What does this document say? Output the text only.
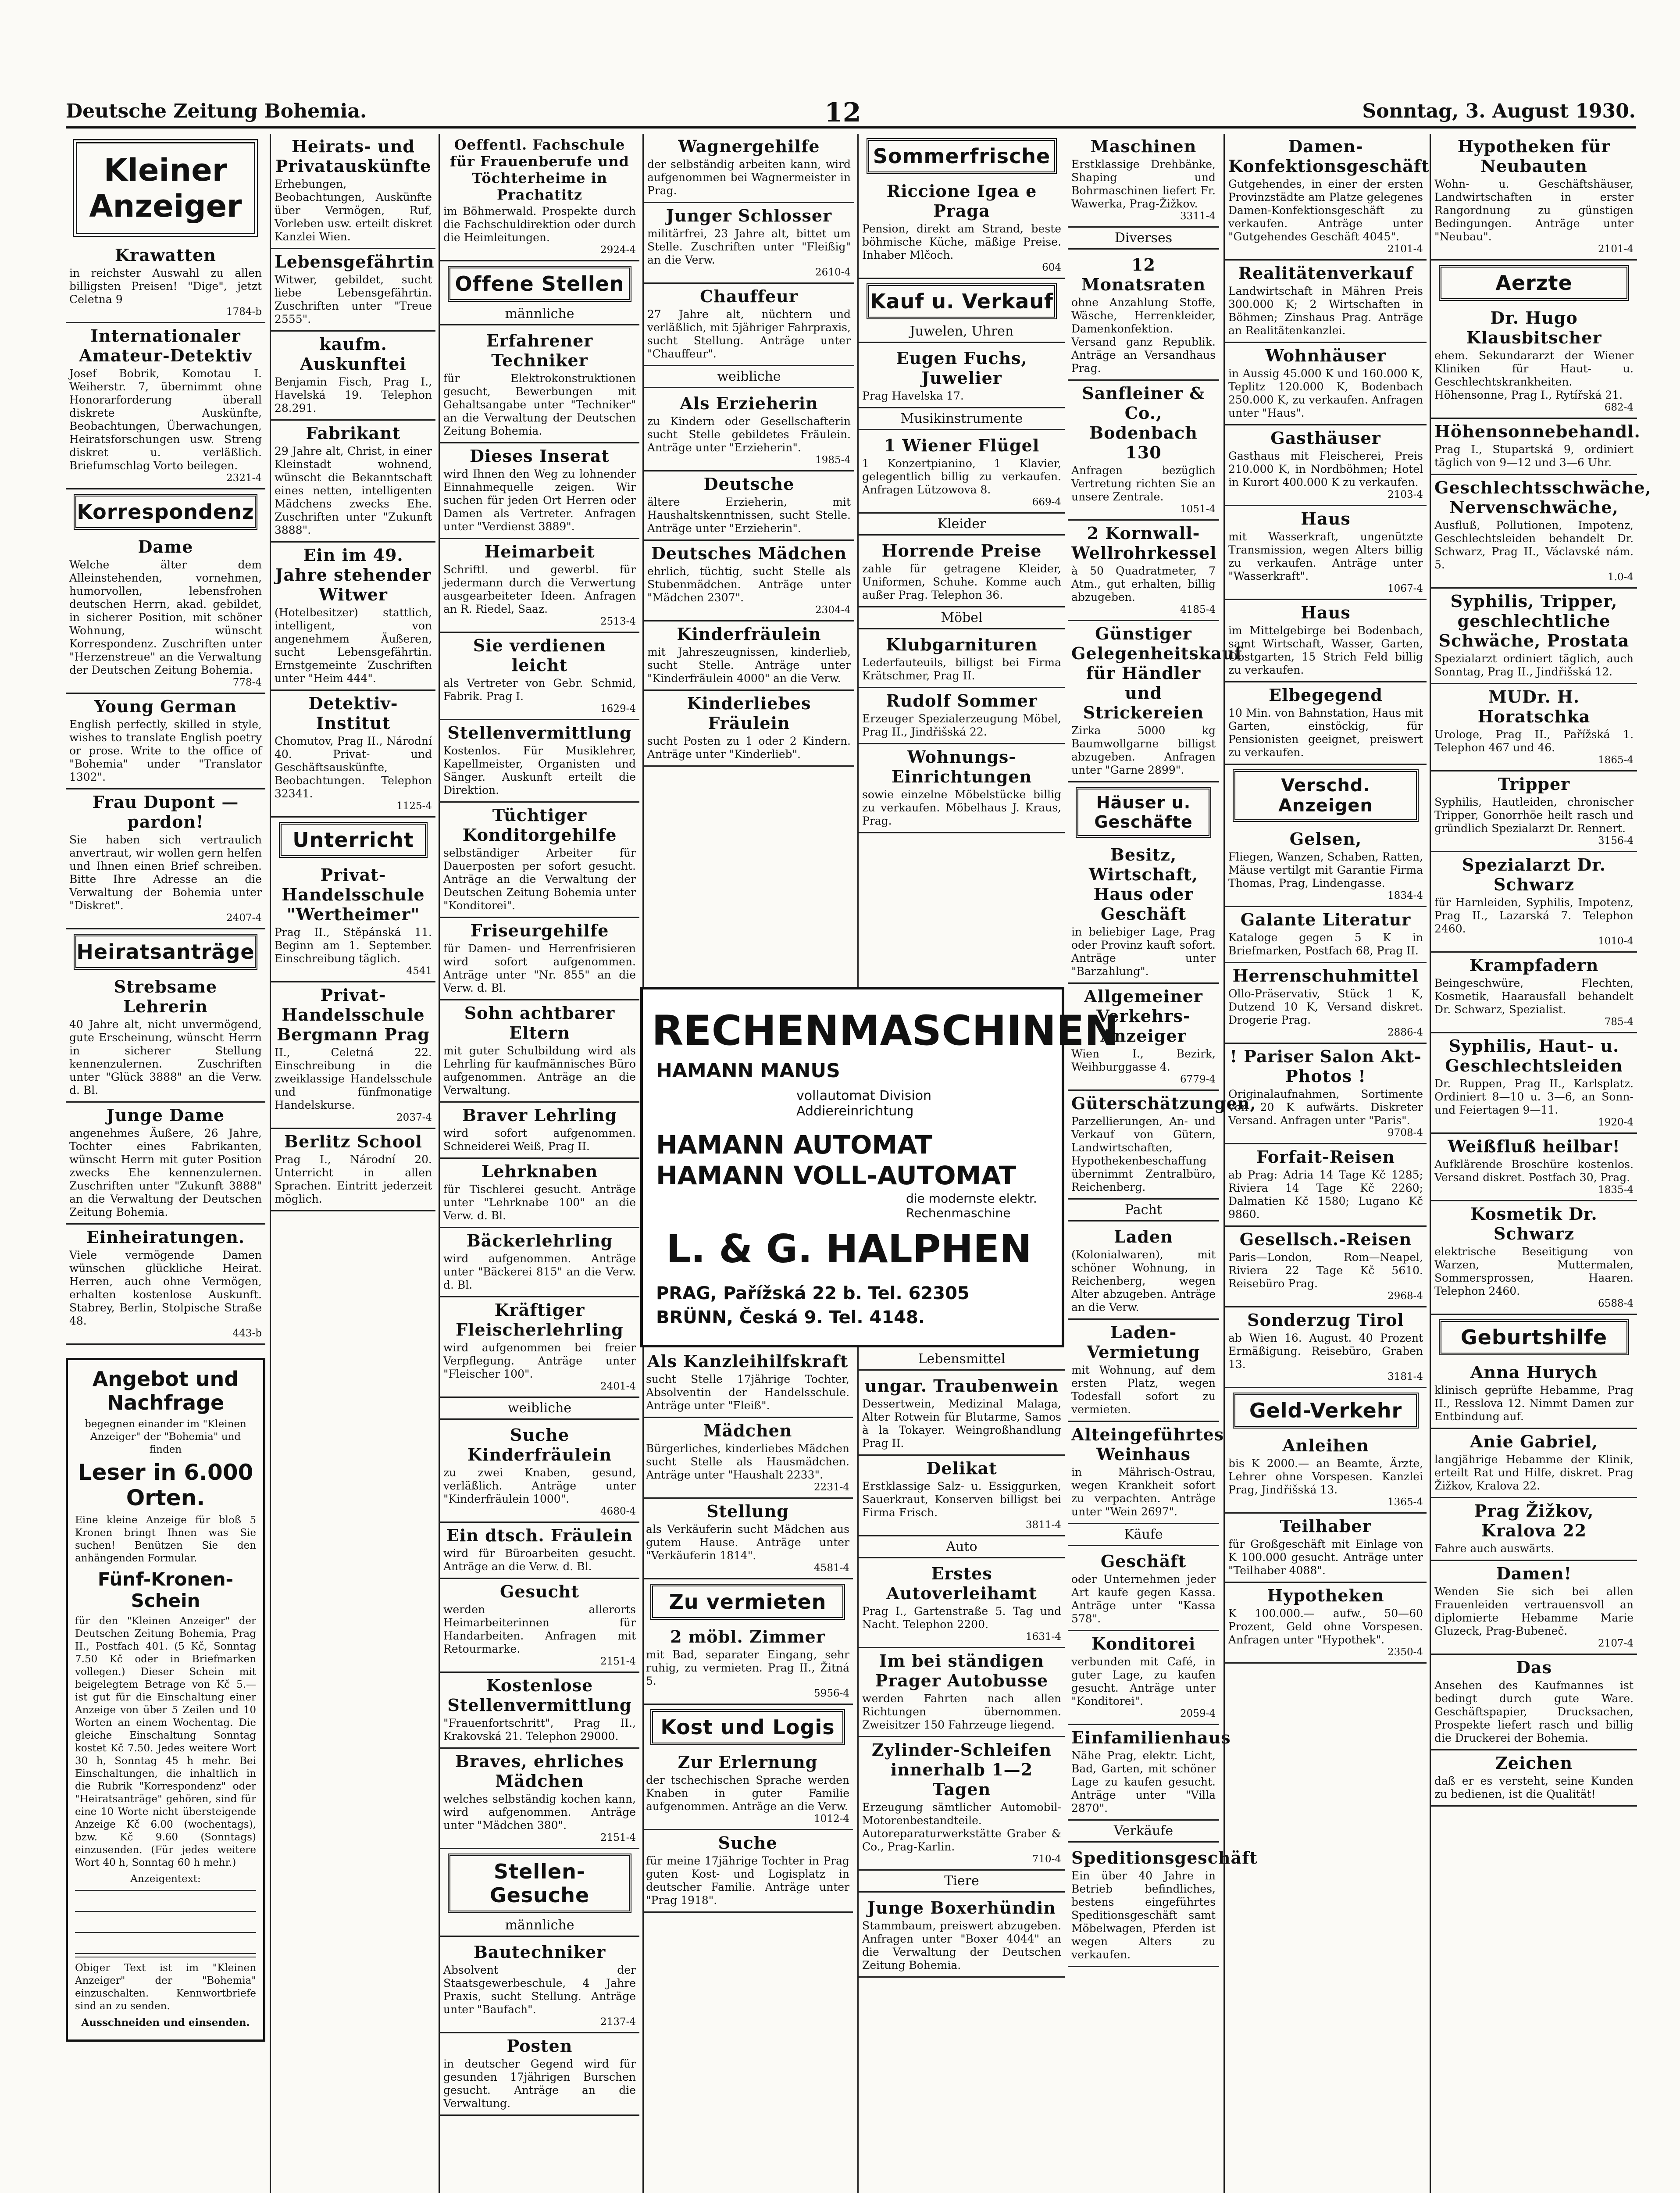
Deutsche Zeitung Bohemia.	12	Sonntag, 3. August 1930.
Kleiner Anzeiger
Krawatten

in reichster Auswahl zu allen billigsten Preisen! "Dige", jetzt Celetna 9

1784-b
Internationaler Amateur-Detektiv

Josef Bobrik, Komotau I. Weiherstr. 7, übernimmt ohne Honorarforderung überall diskrete Auskünfte, Beobachtungen, Überwachungen, Heiratsforschungen usw. Streng diskret u. verläßlich. Briefumschlag Vorto beilegen.

2321-4
Korrespondenz
Dame

Welche älter dem Alleinstehenden, vornehmen, humorvollen, lebensfrohen deutschen Herrn, akad. gebildet, in sicherer Position, mit schöner Wohnung, wünscht Korrespondenz. Zuschriften unter "Herzenstreue" an die Verwaltung der Deutschen Zeitung Bohemia.

778-4
Young German

English perfectly, skilled in style, wishes to translate English poetry or prose. Write to the office of "Bohemia" under "Translator 1302".

Frau Dupont — pardon!

Sie haben sich vertraulich anvertraut, wir wollen gern helfen und Ihnen einen Brief schreiben. Bitte Ihre Adresse an die Verwaltung der Bohemia unter "Diskret".

2407-4
Heiratsanträge
Strebsame Lehrerin

40 Jahre alt, nicht unvermögend, gute Erscheinung, wünscht Herrn in sicherer Stellung kennenzulernen. Zuschriften unter "Glück 3888" an die Verw. d. Bl.

Junge Dame

angenehmes Äußere, 26 Jahre, Tochter eines Fabrikanten, wünscht Herrn mit guter Position zwecks Ehe kennenzulernen. Zuschriften unter "Zukunft 3888" an die Verwaltung der Deutschen Zeitung Bohemia.

Einheiratungen.

Viele vermögende Damen wünschen glückliche Heirat. Herren, auch ohne Vermögen, erhalten kostenlose Auskunft. Stabrey, Berlin, Stolpische Straße 48.

443-b
Angebot und Nachfrage

begegnen einander im "Kleinen Anzeiger" der "Bohemia" und finden

Leser in 6.000 Orten.

Eine kleine Anzeige für bloß 5 Kronen bringt Ihnen was Sie suchen! Benützen Sie den anhängenden Formular.

Fünf-Kronen-Schein

für den "Kleinen Anzeiger" der Deutschen Zeitung Bohemia, Prag II., Postfach 401. (5 Kč, Sonntag 7.50 Kč oder in Briefmarken vollegen.) Dieser Schein mit beigelegtem Betrage von Kč 5.— ist gut für die Einschaltung einer Anzeige von über 5 Zeilen und 10 Worten an einem Wochentag. Die gleiche Einschaltung Sonntag kostet Kč 7.50. Jedes weitere Wort 30 h, Sonntag 45 h mehr. Bei Einschaltungen, die inhaltlich in die Rubrik "Korrespondenz" oder "Heiratsanträge" gehören, sind für eine 10 Worte nicht übersteigende Anzeige Kč 6.00 (wochentags), bzw. Kč 9.60 (Sonntags) einzusenden. (Für jedes weitere Wort 40 h, Sonntag 60 h mehr.)

Anzeigentext:

Obiger Text ist im "Kleinen Anzeiger" der "Bohemia" einzuschalten. Kennwortbriefe sind an zu senden.

Ausschneiden und einsenden.

Heirats- und Privatauskünfte

Erhebungen, Beobachtungen, Auskünfte über Vermögen, Ruf, Vorleben usw. erteilt diskret Kanzlei Wien.

Lebensgefährtin

Witwer, gebildet, sucht liebe Lebensgefährtin. Zuschriften unter "Treue 2555".

kaufm. Auskunftei

Benjamin Fisch, Prag I., Havelská 19. Telephon 28.291.

Fabrikant

29 Jahre alt, Christ, in einer Kleinstadt wohnend, wünscht die Bekanntschaft eines netten, intelligenten Mädchens zwecks Ehe. Zuschriften unter "Zukunft 3888".

Ein im 49. Jahre stehender Witwer

(Hotelbesitzer) stattlich, intelligent, von angenehmem Äußeren, sucht Lebensgefährtin. Ernstgemeinte Zuschriften unter "Heim 444".

Detektiv-Institut

Chomutov, Prag II., Národní 40. Privat- und Geschäftsauskünfte, Beobachtungen. Telephon 32341.

1125-4
Unterricht
Privat-Handelsschule "Wertheimer"

Prag II., Stěpánská 11. Beginn am 1. September. Einschreibung täglich.

4541
Privat-Handelsschule Bergmann Prag

II., Celetná 22. Einschreibung in die zweiklassige Handelsschule und fünfmonatige Handelskurse.

2037-4
Berlitz School

Prag I., Národní 20. Unterricht in allen Sprachen. Eintritt jederzeit möglich.

Oeffentl. Fachschule für Frauenberufe und Töchterheime in Prachatitz

im Böhmerwald. Prospekte durch die Fachschuldirektion oder durch die Heimleitungen.

2924-4
Offene Stellen
männliche
Erfahrener Techniker

für Elektrokonstruktionen gesucht, Bewerbungen mit Gehaltsangabe unter "Techniker" an die Verwaltung der Deutschen Zeitung Bohemia.

Dieses Inserat

wird Ihnen den Weg zu lohnender Einnahmequelle zeigen. Wir suchen für jeden Ort Herren oder Damen als Vertreter. Anfragen unter "Verdienst 3889".

Heimarbeit

Schriftl. und gewerbl. für jedermann durch die Verwertung ausgearbeiteter Ideen. Anfragen an R. Riedel, Saaz.

2513-4
Sie verdienen leicht

als Vertreter von Gebr. Schmid, Fabrik. Prag I.

1629-4
Stellenvermittlung

Kostenlos. Für Musiklehrer, Kapellmeister, Organisten und Sänger. Auskunft erteilt die Direktion.

Tüchtiger Konditorgehilfe

selbständiger Arbeiter für Dauerposten per sofort gesucht. Anträge an die Verwaltung der Deutschen Zeitung Bohemia unter "Konditorei".

Friseurgehilfe

für Damen- und Herrenfrisieren wird sofort aufgenommen. Anträge unter "Nr. 855" an die Verw. d. Bl.

Sohn achtbarer Eltern

mit guter Schulbildung wird als Lehrling für kaufmännisches Büro aufgenommen. Anträge an die Verwaltung.

Braver Lehrling

wird sofort aufgenommen. Schneiderei Weiß, Prag II.

Lehrknaben

für Tischlerei gesucht. Anträge unter "Lehrknabe 100" an die Verw. d. Bl.

Bäckerlehrling

wird aufgenommen. Anträge unter "Bäckerei 815" an die Verw. d. Bl.

Kräftiger Fleischerlehrling

wird aufgenommen bei freier Verpflegung. Anträge unter "Fleischer 100".

2401-4
weibliche
Suche Kinderfräulein

zu zwei Knaben, gesund, verläßlich. Anträge unter "Kinderfräulein 1000".

4680-4
Ein dtsch. Fräulein

wird für Büroarbeiten gesucht. Anträge an die Verw. d. Bl.

Gesucht

werden allerorts Heimarbeiterinnen für Handarbeiten. Anfragen mit Retourmarke.

2151-4
Kostenlose Stellenvermittlung

"Frauenfortschritt", Prag II., Krakovská 21. Telephon 29000.

Braves, ehrliches Mädchen

welches selbständig kochen kann, wird aufgenommen. Anträge unter "Mädchen 380".

2151-4
Stellen-Gesuche
männliche
Bautechniker

Absolvent der Staatsgewerbeschule, 4 Jahre Praxis, sucht Stellung. Anträge unter "Baufach".

2137-4
Posten

in deutscher Gegend wird für gesunden 17jährigen Burschen gesucht. Anträge an die Verwaltung.

Wagnergehilfe

der selbständig arbeiten kann, wird aufgenommen bei Wagnermeister in Prag.

Junger Schlosser

militärfrei, 23 Jahre alt, bittet um Stelle. Zuschriften unter "Fleißig" an die Verw.

2610-4
Chauffeur

27 Jahre alt, nüchtern und verläßlich, mit 5jähriger Fahrpraxis, sucht Stellung. Anträge unter "Chauffeur".

weibliche
Als Erzieherin

zu Kindern oder Gesellschafterin sucht Stelle gebildetes Fräulein. Anträge unter "Erzieherin".

1985-4
Deutsche

ältere Erzieherin, mit Haushaltskenntnissen, sucht Stelle. Anträge unter "Erzieherin".

Deutsches Mädchen

ehrlich, tüchtig, sucht Stelle als Stubenmädchen. Anträge unter "Mädchen 2307".

2304-4
Kinderfräulein

mit Jahreszeugnissen, kinderlieb, sucht Stelle. Anträge unter "Kinderfräulein 4000" an die Verw.

Kinderliebes Fräulein

sucht Posten zu 1 oder 2 Kindern. Anträge unter "Kinderlieb".

Als Kanzleihilfskraft

sucht Stelle 17jährige Tochter, Absolventin der Handelsschule. Anträge unter "Fleiß".

Mädchen

Bürgerliches, kinderliebes Mädchen sucht Stelle als Hausmädchen. Anträge unter "Haushalt 2233".

2231-4
Stellung

als Verkäuferin sucht Mädchen aus gutem Hause. Anträge unter "Verkäuferin 1814".

4581-4
Zu vermieten
2 möbl. Zimmer

mit Bad, separater Eingang, sehr ruhig, zu vermieten. Prag II., Žitná 5.

5956-4
Kost und Logis
Zur Erlernung

der tschechischen Sprache werden Knaben in guter Familie aufgenommen. Anträge an die Verw.

1012-4
Suche

für meine 17jährige Tochter in Prag guten Kost- und Logisplatz in deutscher Familie. Anträge unter "Prag 1918".

Sommerfrische
Riccione Igea e Praga

Pension, direkt am Strand, beste böhmische Küche, mäßige Preise. Inhaber Mlčoch.

604
Kauf u. Verkauf
Juwelen, Uhren
Eugen Fuchs, Juwelier

Prag Havelska 17.

Musikinstrumente
1 Wiener Flügel

1 Konzertpianino, 1 Klavier, gelegentlich billig zu verkaufen. Anfragen Lützowova 8.

669-4
Kleider
Horrende Preise

zahle für getragene Kleider, Uniformen, Schuhe. Komme auch außer Prag. Telephon 36.

Möbel
Klubgarnituren

Lederfauteuils, billigst bei Firma Krätschmer, Prag II.

Rudolf Sommer

Erzeuger Spezialerzeugung Möbel, Prag II., Jindřišská 22.

Wohnungs-Einrichtungen

sowie einzelne Möbelstücke billig zu verkaufen. Möbelhaus J. Kraus, Prag.

Lebensmittel
ungar. Traubenwein

Dessertwein, Medizinal Malaga, Alter Rotwein für Blutarme, Samos à la Tokayer. Weingroßhandlung Prag II.

Delikat

Erstklassige Salz- u. Essiggurken, Sauerkraut, Konserven billigst bei Firma Frisch.

3811-4
Auto
Erstes Autoverleihamt

Prag I., Gartenstraße 5. Tag und Nacht. Telephon 2200.

1631-4
Im bei ständigen Prager Autobusse

werden Fahrten nach allen Richtungen übernommen. Zweisitzer 150 Fahrzeuge liegend.

Zylinder-Schleifen innerhalb 1—2 Tagen

Erzeugung sämtlicher Automobil-Motorenbestandteile. Autoreparaturwerkstätte Graber & Co., Prag-Karlin.

710-4
Tiere
Junge Boxerhündin

Stammbaum, preiswert abzugeben. Anfragen unter "Boxer 4044" an die Verwaltung der Deutschen Zeitung Bohemia.

RECHENMASCHINEN
HAMANN MANUS
vollautomat Division
Addiereinrichtung
HAMANN AUTOMAT
HAMANN VOLL-AUTOMAT
die modernste elektr. Rechenmaschine
L. & G. HALPHEN
PRAG, Pařížská 22 b. Tel. 62305
BRÜNN, Česká 9. Tel. 4148.
Maschinen

Erstklassige Drehbänke, Shaping und Bohrmaschinen liefert Fr. Wawerka, Prag-Žižkov.

3311-4
Diverses
12 Monatsraten

ohne Anzahlung Stoffe, Wäsche, Herrenkleider, Damenkonfektion. Versand ganz Republik. Anträge an Versandhaus Prag.

Sanfleiner & Co., Bodenbach 130

Anfragen bezüglich Vertretung richten Sie an unsere Zentrale.

1051-4
2 Kornwall-Wellrohrkessel

à 50 Quadratmeter, 7 Atm., gut erhalten, billig abzugeben.

4185-4
Günstiger Gelegenheitskauf für Händler und Strickereien

Zirka 5000 kg Baumwollgarne billigst abzugeben. Anfragen unter "Garne 2899".

Häuser u. Geschäfte
Besitz, Wirtschaft, Haus oder Geschäft

in beliebiger Lage, Prag oder Provinz kauft sofort. Anträge unter "Barzahlung".

Allgemeiner Verkehrs-Anzeiger

Wien I., Bezirk, Weihburggasse 4.

6779-4
Güterschätzungen,

Parzellierungen, An- und Verkauf von Gütern, Landwirtschaften, Hypothekenbeschaffung übernimmt Zentralbüro, Reichenberg.

Pacht
Laden

(Kolonialwaren), mit schöner Wohnung, in Reichenberg, wegen Alter abzugeben. Anträge an die Verw.

Laden-Vermietung

mit Wohnung, auf dem ersten Platz, wegen Todesfall sofort zu vermieten.

Alteingeführtes Weinhaus

in Mährisch-Ostrau, wegen Krankheit sofort zu verpachten. Anträge unter "Wein 2697".

Käufe
Geschäft

oder Unternehmen jeder Art kaufe gegen Kassa. Anträge unter "Kassa 578".

Konditorei

verbunden mit Café, in guter Lage, zu kaufen gesucht. Anträge unter "Konditorei".

2059-4
Einfamilienhaus

Nähe Prag, elektr. Licht, Bad, Garten, mit schöner Lage zu kaufen gesucht. Anträge unter "Villa 2870".

Verkäufe
Speditionsgeschäft

Ein über 40 Jahre in Betrieb befindliches, bestens eingeführtes Speditionsgeschäft samt Möbelwagen, Pferden ist wegen Alters zu verkaufen.

Damen-Konfektionsgeschäft

Gutgehendes, in einer der ersten Provinzstädte am Platze gelegenes Damen-Konfektionsgeschäft zu verkaufen. Anträge unter "Gutgehendes Geschäft 4045".

2101-4
Realitätenverkauf

Landwirtschaft in Mähren Preis 300.000 K; 2 Wirtschaften in Böhmen; Zinshaus Prag. Anträge an Realitätenkanzlei.

Wohnhäuser

in Aussig 45.000 K und 160.000 K, Teplitz 120.000 K, Bodenbach 250.000 K, zu verkaufen. Anfragen unter "Haus".

Gasthäuser

Gasthaus mit Fleischerei, Preis 210.000 K, in Nordböhmen; Hotel in Kurort 400.000 K zu verkaufen.

2103-4
Haus

mit Wasserkraft, ungenützte Transmission, wegen Alters billig zu verkaufen. Anträge unter "Wasserkraft".

1067-4
Haus

im Mittelgebirge bei Bodenbach, samt Wirtschaft, Wasser, Garten, Obstgarten, 15 Strich Feld billig zu verkaufen.

Elbegegend

10 Min. von Bahnstation, Haus mit Garten, einstöckig, für Pensionisten geeignet, preiswert zu verkaufen.

Verschd. Anzeigen
Gelsen,

Fliegen, Wanzen, Schaben, Ratten, Mäuse vertilgt mit Garantie Firma Thomas, Prag, Lindengasse.

1834-4
Galante Literatur

Kataloge gegen 5 K in Briefmarken, Postfach 68, Prag II.

Herrenschuhmittel

Ollo-Präservativ, Stück 1 K, Dutzend 10 K, Versand diskret. Drogerie Prag.

2886-4
! Pariser Salon Akt-Photos !

Originalaufnahmen, Sortimente von 20 K aufwärts. Diskreter Versand. Anfragen unter "Paris".

9708-4
Forfait-Reisen

ab Prag: Adria 14 Tage Kč 1285; Riviera 14 Tage Kč 2260; Dalmatien Kč 1580; Lugano Kč 9860.

Gesellsch.-Reisen

Paris—London, Rom—Neapel, Riviera 22 Tage Kč 5610. Reisebüro Prag.

2968-4
Sonderzug Tirol

ab Wien 16. August. 40 Prozent Ermäßigung. Reisebüro, Graben 13.

3181-4
Geld-Verkehr
Anleihen

bis K 2000.— an Beamte, Ärzte, Lehrer ohne Vorspesen. Kanzlei Prag, Jindřišská 13.

1365-4
Teilhaber

für Großgeschäft mit Einlage von K 100.000 gesucht. Anträge unter "Teilhaber 4088".

Hypotheken

K 100.000.— aufw., 50—60 Prozent, Geld ohne Vorspesen. Anfragen unter "Hypothek".

2350-4
Hypotheken für Neubauten

Wohn- u. Geschäftshäuser, Landwirtschaften in erster Rangordnung zu günstigen Bedingungen. Anträge unter "Neubau".

2101-4
Aerzte
Dr. Hugo Klausbitscher

ehem. Sekundararzt der Wiener Kliniken für Haut- u. Geschlechtskrankheiten. Höhensonne, Prag I., Rytířská 21.

682-4
Höhensonnebehandl.

Prag I., Stupartská 9, ordiniert täglich von 9—12 und 3—6 Uhr.

Geschlechtsschwäche, Nervenschwäche,

Ausfluß, Pollutionen, Impotenz, Geschlechtsleiden behandelt Dr. Schwarz, Prag II., Václavské nám. 5.

1.0-4
Syphilis, Tripper, geschlechtliche Schwäche, Prostata

Spezialarzt ordiniert täglich, auch Sonntag, Prag II., Jindřišská 12.

MUDr. H. Horatschka

Urologe, Prag II., Pařížská 1. Telephon 467 und 46.

1865-4
Tripper

Syphilis, Hautleiden, chronischer Tripper, Gonorrhöe heilt rasch und gründlich Spezialarzt Dr. Rennert.

3156-4
Spezialarzt Dr. Schwarz

für Harnleiden, Syphilis, Impotenz, Prag II., Lazarská 7. Telephon 2460.

1010-4
Krampfadern

Beingeschwüre, Flechten, Kosmetik, Haarausfall behandelt Dr. Schwarz, Spezialist.

785-4
Syphilis, Haut- u. Geschlechtsleiden

Dr. Ruppen, Prag II., Karlsplatz. Ordiniert 8—10 u. 3—6, an Sonn- und Feiertagen 9—11.

1920-4
Weißfluß heilbar!

Aufklärende Broschüre kostenlos. Versand diskret. Postfach 30, Prag.

1835-4
Kosmetik Dr. Schwarz

elektrische Beseitigung von Warzen, Muttermalen, Sommersprossen, Haaren. Telephon 2460.

6588-4
Geburtshilfe
Anna Hurych

klinisch geprüfte Hebamme, Prag II., Resslova 12. Nimmt Damen zur Entbindung auf.

Anie Gabriel,

langjährige Hebamme der Klinik, erteilt Rat und Hilfe, diskret. Prag Žižkov, Kralova 22.

Prag Žižkov, Kralova 22

Fahre auch auswärts.

Damen!

Wenden Sie sich bei allen Frauenleiden vertrauensvoll an diplomierte Hebamme Marie Gluzeck, Prag-Bubeneč.

2107-4
Das

Ansehen des Kaufmannes ist bedingt durch gute Ware. Geschäftspapier, Drucksachen, Prospekte liefert rasch und billig die Druckerei der Bohemia.

Zeichen

daß er es versteht, seine Kunden zu bedienen, ist die Qualität!
